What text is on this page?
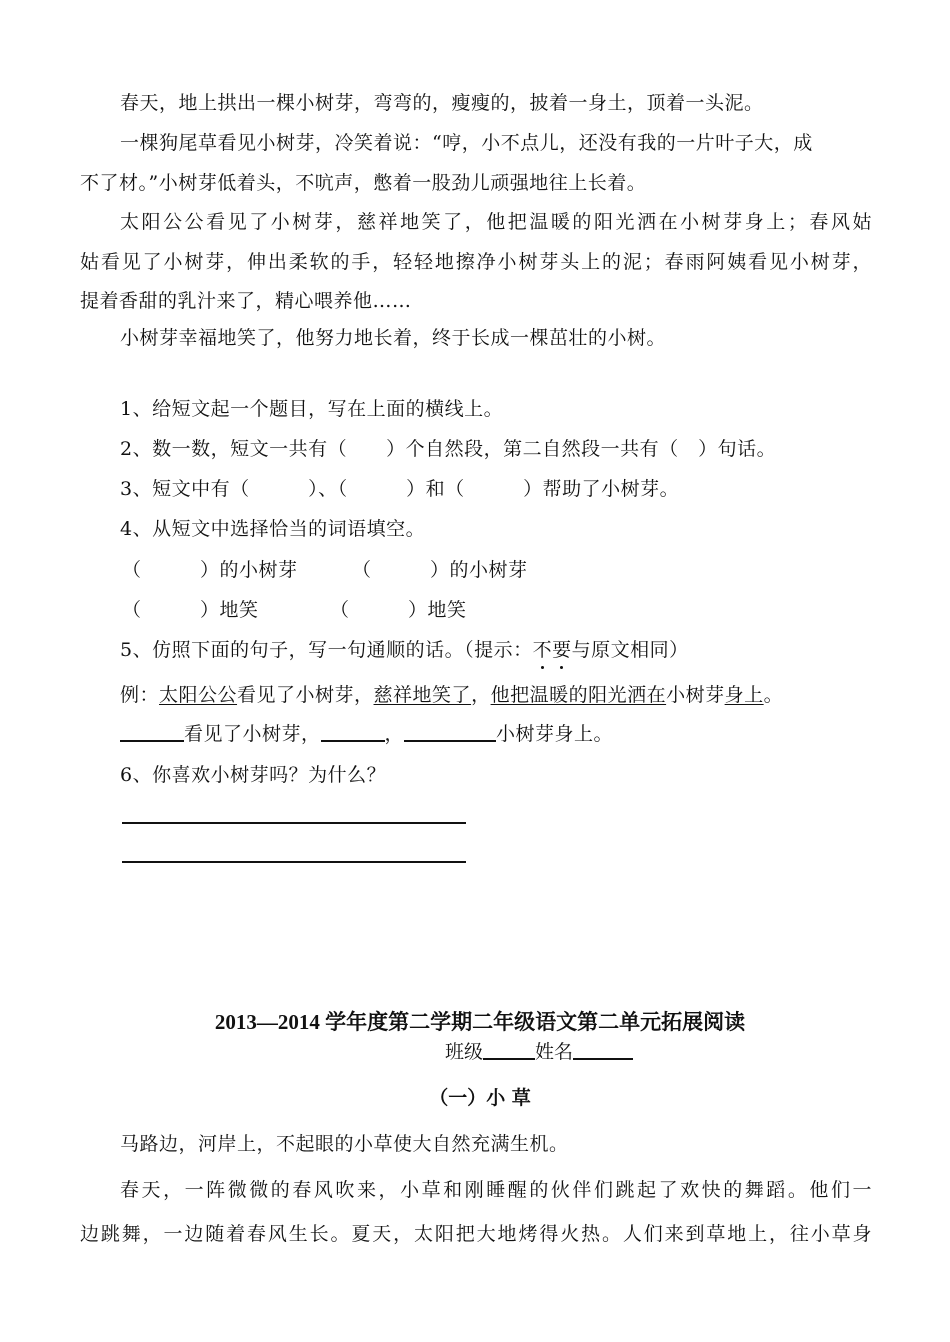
春天，地上拱出一棵小树芽，弯弯的，瘦瘦的，披着一身土，顶着一头泥。
一棵狗尾草看见小树芽，冷笑着说：“哼，小不点儿，还没有我的一片叶子大，成
不了材。”小树芽低着头，不吭声，憋着一股劲儿顽强地往上长着。
太阳公公看见了小树芽，慈祥地笑了，他把温暖的阳光洒在小树芽身上；春风姑
姑看见了小树芽，伸出柔软的手，轻轻地擦净小树芽头上的泥；春雨阿姨看见小树芽，
提着香甜的乳汁来了，精心喂养他……
小树芽幸福地笑了，他努力地长着，终于长成一棵茁壮的小树。
1、给短文起一个题目，写在上面的横线上。
2、数一数，短文一共有（　　）个自然段，第二自然段一共有（　）句话。
3、短文中有（　　　）、（　　　）和（　　　）帮助了小树芽。
4、从短文中选择恰当的词语填空。
（　　　）的小树芽	（　　　）的小树芽
（　　　）地笑	（　　　）地笑
5、仿照下面的句子，写一句通顺的话。（提示：不要与原文相同）
例：太阳公公看见了小树芽，慈祥地笑了，他把温暖的阳光洒在小树芽身上。
看见了小树芽，	，	小树芽身上。
6、你喜欢小树芽吗？为什么？
2013—2014 学年度第二学期二年级语文第二单元拓展阅读
班级	姓名
（一）小 草
马路边，河岸上，不起眼的小草使大自然充满生机。
春天，一阵微微的春风吹来，小草和刚睡醒的伙伴们跳起了欢快的舞蹈。他们一
边跳舞，一边随着春风生长。夏天，太阳把大地烤得火热。人们来到草地上，往小草身
